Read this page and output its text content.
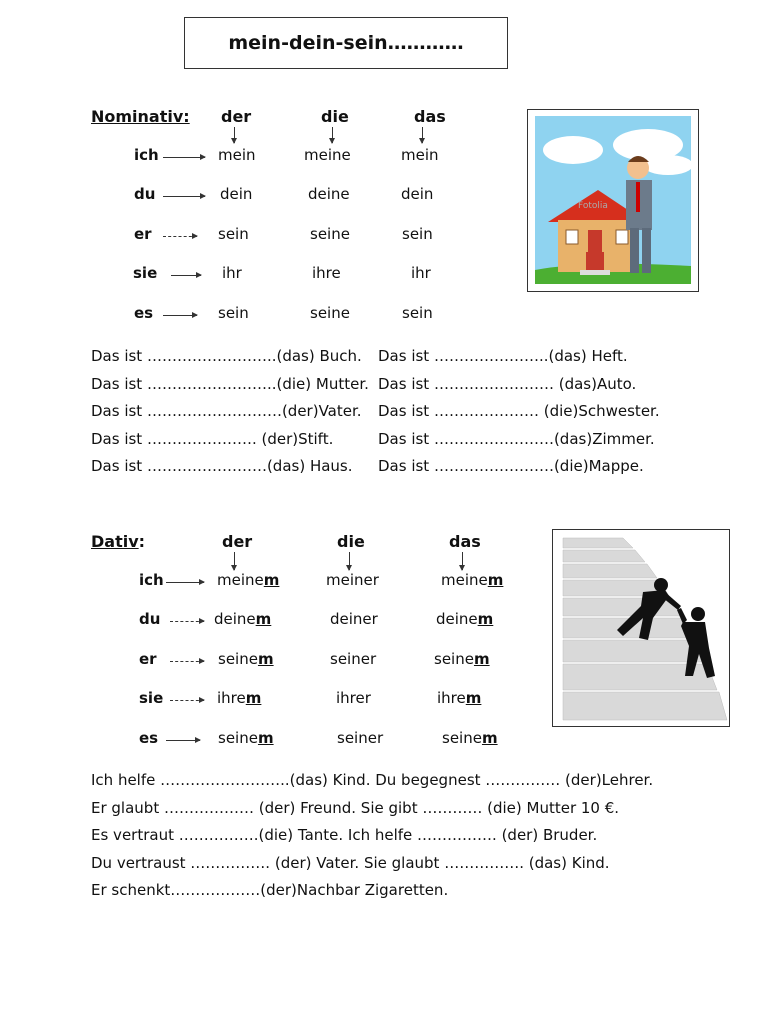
mein-dein-sein…………
Nominativ: der	die	das
ich	mein	meine	mein
du	dein	deine	dein
er	sein	seine	sein
sie	ihr	ihre	ihr
es	sein	seine	sein
Das ist ……………………..(das) Buch.
Das ist ……………………..(die) Mutter.
Das ist ………………………(der)Vater.
Das ist …………………. (der)Stift.
Das ist ……………………(das) Haus.
Das ist …………………..(das) Heft.
Das ist …………………… (das)Auto.
Das ist ………………… (die)Schwester.
Das ist ……………………(das)Zimmer.
Das ist ……………………(die)Mappe.
Fotolia
Dativ:	der	die	das
ich	meinem	meiner	meinem
du	deinem	deiner	deinem
er	seinem	seiner	seinem
sie	ihrem	ihrer	ihrem
es	seinem	seiner	seinem
Ich helfe ……………………..(das) Kind. Du begegnest …………… (der)Lehrer.
Er glaubt ……………… (der) Freund. Sie gibt ………… (die) Mutter 10 €.
Es vertraut …………….(die) Tante. Ich helfe ……………. (der) Bruder.
Du vertraust ……………. (der) Vater. Sie glaubt ……………. (das) Kind.
Er schenkt………………(der)Nachbar Zigaretten.
